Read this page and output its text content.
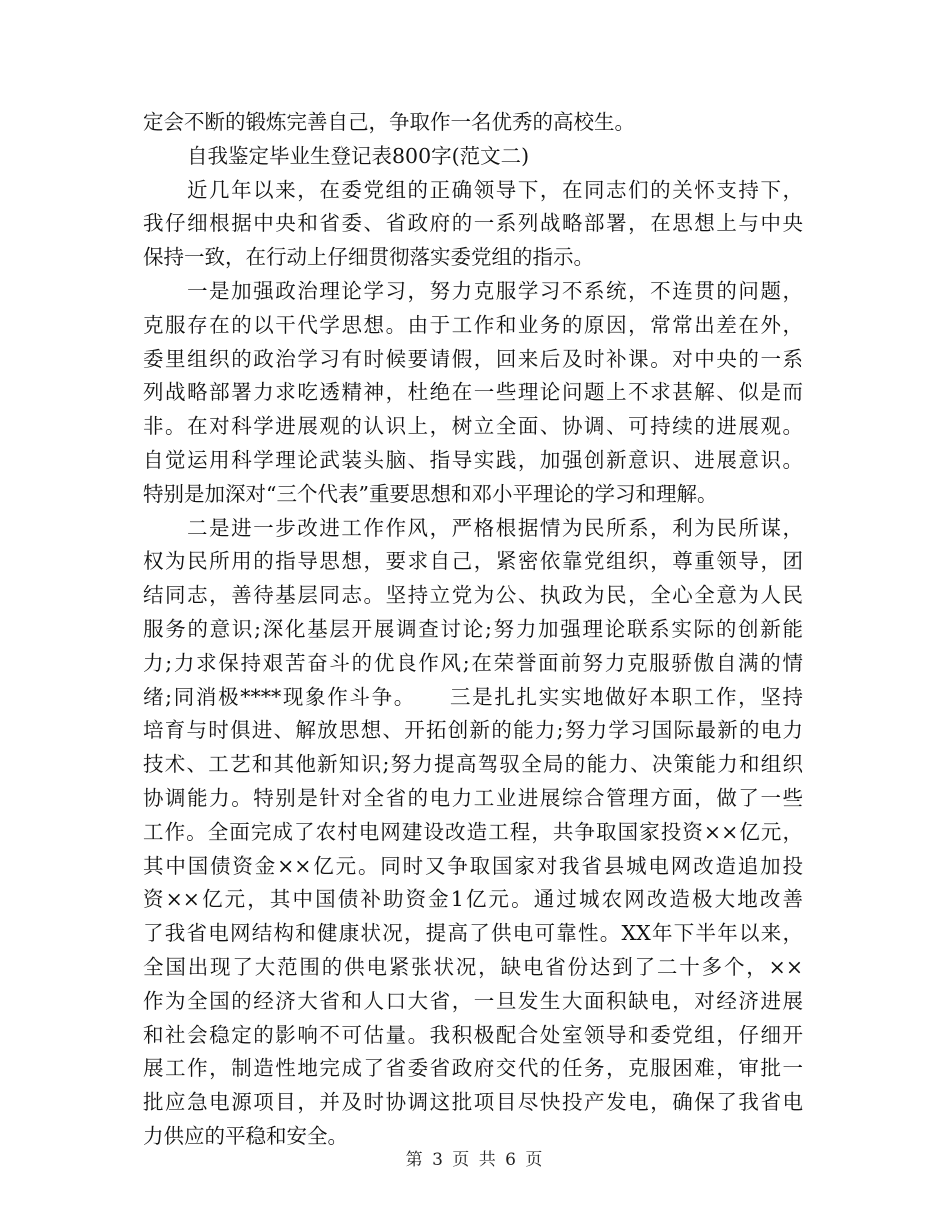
定会不断的锻炼完善自己，争取作一名优秀的高校生。
自我鉴定毕业生登记表800字(范文二)
近几年以来，在委党组的正确领导下，在同志们的关怀支持下，
我仔细根据中央和省委、省政府的一系列战略部署，在思想上与中央
保持一致，在行动上仔细贯彻落实委党组的指示。
一是加强政治理论学习，努力克服学习不系统，不连贯的问题，
克服存在的以干代学思想。由于工作和业务的原因，常常出差在外，
委里组织的政治学习有时候要请假，回来后及时补课。对中央的一系
列战略部署力求吃透精神，杜绝在一些理论问题上不求甚解、似是而
非。在对科学进展观的认识上，树立全面、协调、可持续的进展观。
自觉运用科学理论武装头脑、指导实践，加强创新意识、进展意识。
特别是加深对“三个代表”重要思想和邓小平理论的学习和理解。
二是进一步改进工作作风，严格根据情为民所系，利为民所谋，
权为民所用的指导思想，要求自己，紧密依靠党组织，尊重领导，团
结同志，善待基层同志。坚持立党为公、执政为民，全心全意为人民
服务的意识;深化基层开展调查讨论;努力加强理论联系实际的创新能
力;力求保持艰苦奋斗的优良作风;在荣誉面前努力克服骄傲自满的情
绪;同消极****现象作斗争。　　三是扎扎实实地做好本职工作，坚持
培育与时俱进、解放思想、开拓创新的能力;努力学习国际最新的电力
技术、工艺和其他新知识;努力提高驾驭全局的能力、决策能力和组织
协调能力。特别是针对全省的电力工业进展综合管理方面，做了一些
工作。全面完成了农村电网建设改造工程，共争取国家投资××亿元，
其中国债资金××亿元。同时又争取国家对我省县城电网改造追加投
资××亿元，其中国债补助资金1亿元。通过城农网改造极大地改善
了我省电网结构和健康状况，提高了供电可靠性。XX年下半年以来，
全国出现了大范围的供电紧张状况，缺电省份达到了二十多个，××
作为全国的经济大省和人口大省，一旦发生大面积缺电，对经济进展
和社会稳定的影响不可估量。我积极配合处室领导和委党组，仔细开
展工作，制造性地完成了省委省政府交代的任务，克服困难，审批一
批应急电源项目，并及时协调这批项目尽快投产发电，确保了我省电
力供应的平稳和安全。
第 3 页 共 6 页
